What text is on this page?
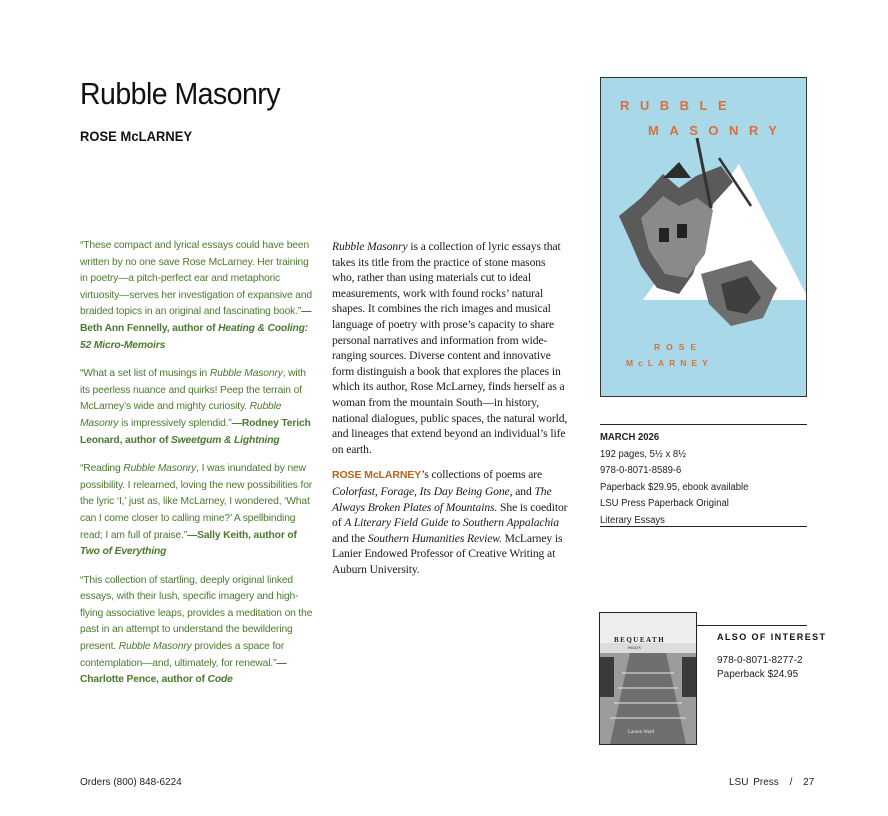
Rubble Masonry
ROSE McLARNEY

“These compact and lyrical essays could have been written by no one save Rose McLarney. Her training in poetry—a pitch-perfect ear and metaphoric virtuosity—serves her investigation of expansive and braided topics in an original and fascinating book.”—Beth Ann Fennelly, author of Heating & Cooling: 52 Micro-Memoirs

“What a set list of musings in Rubble Masonry, with its peerless nuance and quirks! Peep the terrain of McLarney’s wide and mighty curiosity. Rubble Masonry is impressively splendid.”—Rodney Terich Leonard, author of Sweetgum & Lightning

“Reading Rubble Masonry, I was inundated by new possibility. I relearned, loving the new possibilities for the lyric ‘I,’ just as, like McLarney, I wondered, ‘What can I come closer to calling mine?’ A spellbinding read; I am full of praise.”—Sally Keith, author of Two of Everything

“This collection of startling, deeply original linked essays, with their lush, specific imagery and high-flying associative leaps, provides a meditation on the past in an attempt to understand the bewildering present. Rubble Masonry provides a space for contemplation—and, ultimately, for renewal.”—Charlotte Pence, author of Code

Rubble Masonry is a collection of lyric essays that takes its title from the practice of stone masons who, rather than using materials cut to ideal measurements, work with found rocks’ natural shapes. It combines the rich images and musical language of poetry with prose’s capacity to share personal narratives and information from wide-ranging sources. Diverse content and innovative form distinguish a book that explores the places in which its author, Rose McLarney, finds herself as a woman from the mountain South—in history, national dialogues, public spaces, the natural world, and lineages that extend beyond an individual’s life on earth.

ROSE McLARNEY’s collections of poems are Colorfast, Forage, Its Day Being Gone, and The Always Broken Plates of Mountains. She is coeditor of A Literary Field Guide to Southern Appalachia and the Southern Humanities Review. McLarney is Lanier Endowed Professor of Creative Writing at Auburn University.

RUBBLE
MASONRY
ROSE
McLARNEY
MARCH 2026
192 pages, 5½ x 8½
978-0-8071-8589-6
Paperback $29.95, ebook available
LSU Press Paperback Original
Literary Essays
BEQUEATH
essays
Lauren Ward
ALSO OF INTEREST
978-0-8071-8277-2
Paperback $24.95
Orders (800) 848-6224	LSU Press / 27
